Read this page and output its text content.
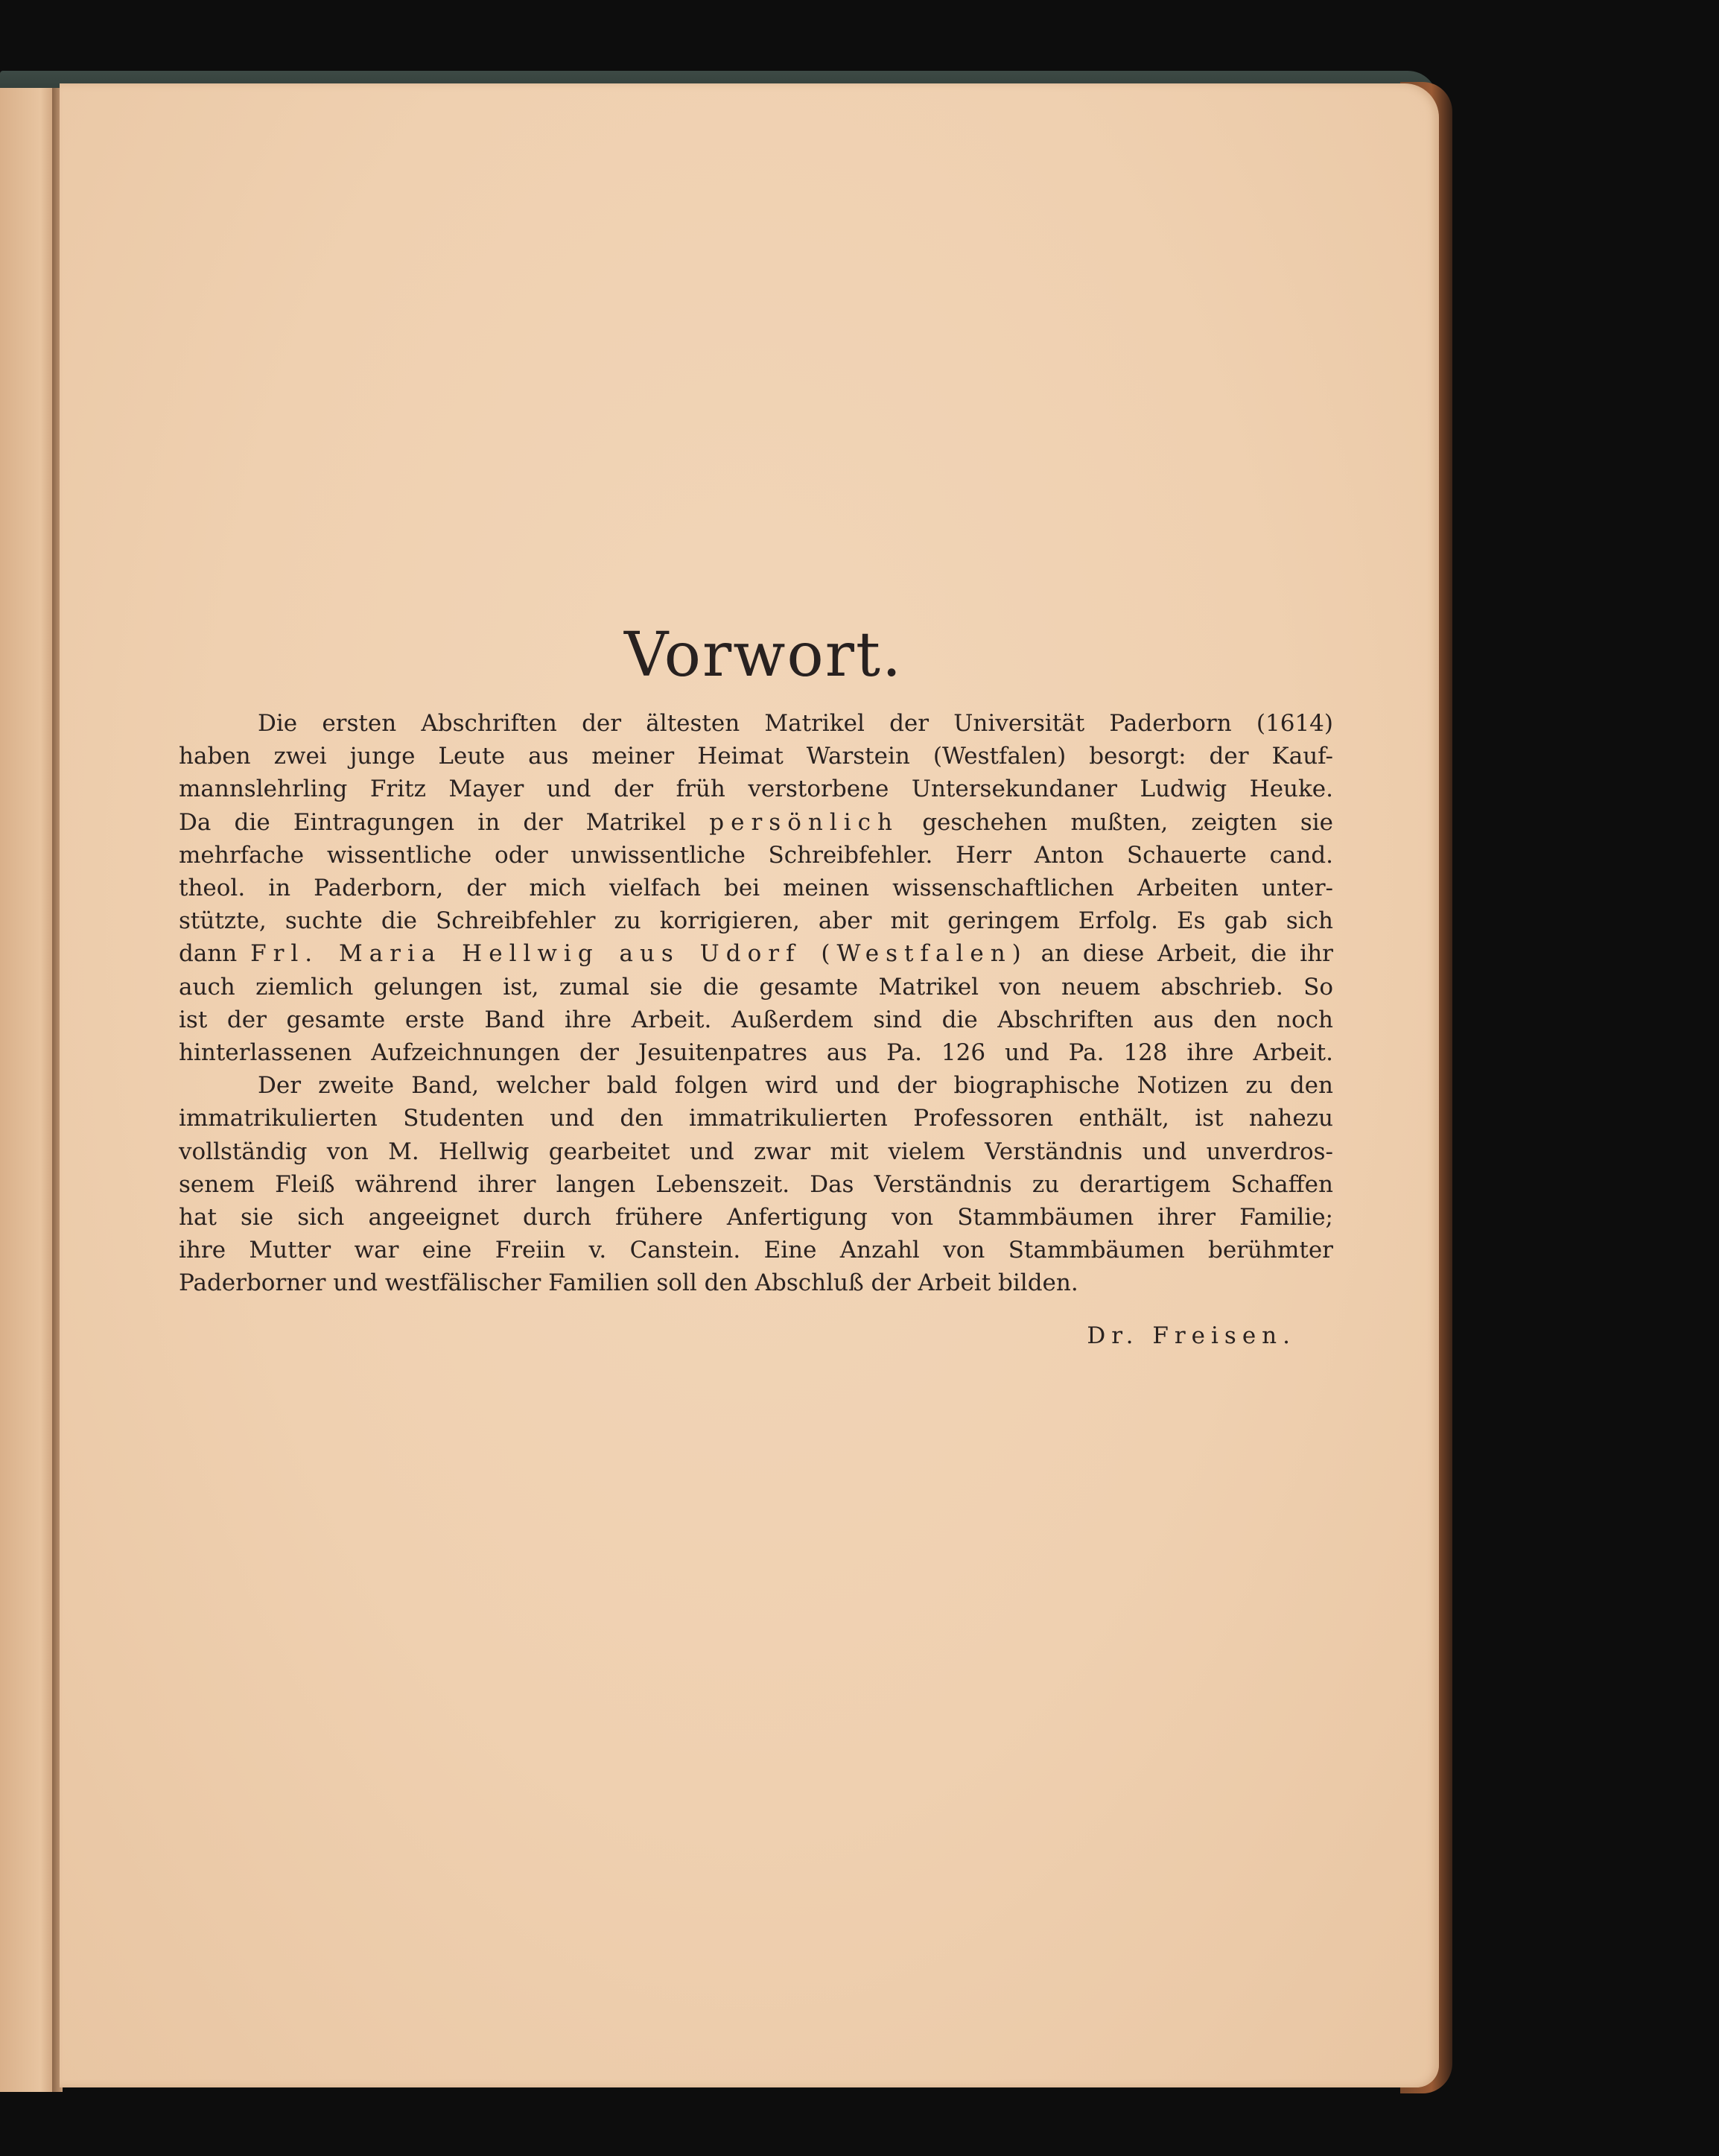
Vorwort.

Die ersten Abschriften der ältesten Matrikel der Universität Paderborn (1614)
haben zwei junge Leute aus meiner Heimat Warstein (Westfalen) besorgt: der Kauf-
mannslehrling Fritz Mayer und der früh verstorbene Untersekundaner Ludwig Heuke.
Da die Eintragungen in der Matrikel persönlich geschehen mußten, zeigten sie
mehrfache wissentliche oder unwissentliche Schreibfehler. Herr Anton Schauerte cand.
theol. in Paderborn, der mich vielfach bei meinen wissenschaftlichen Arbeiten unter-
stützte, suchte die Schreibfehler zu korrigieren, aber mit geringem Erfolg. Es gab sich
dann Frl. Maria Hellwig aus Udorf (Westfalen) an diese Arbeit, die ihr
auch ziemlich gelungen ist, zumal sie die gesamte Matrikel von neuem abschrieb. So
ist der gesamte erste Band ihre Arbeit. Außerdem sind die Abschriften aus den noch
hinterlassenen Aufzeichnungen der Jesuitenpatres aus Pa. 126 und Pa. 128 ihre Arbeit.

Der zweite Band, welcher bald folgen wird und der biographische Notizen zu den
immatrikulierten Studenten und den immatrikulierten Professoren enthält, ist nahezu
vollständig von M. Hellwig gearbeitet und zwar mit vielem Verständnis und unverdros-
senem Fleiß während ihrer langen Lebenszeit. Das Verständnis zu derartigem Schaffen
hat sie sich angeeignet durch frühere Anfertigung von Stammbäumen ihrer Familie;
ihre Mutter war eine Freiin v. Canstein. Eine Anzahl von Stammbäumen berühmter
Paderborner und westfälischer Familien soll den Abschluß der Arbeit bilden.

Dr. Freisen.
